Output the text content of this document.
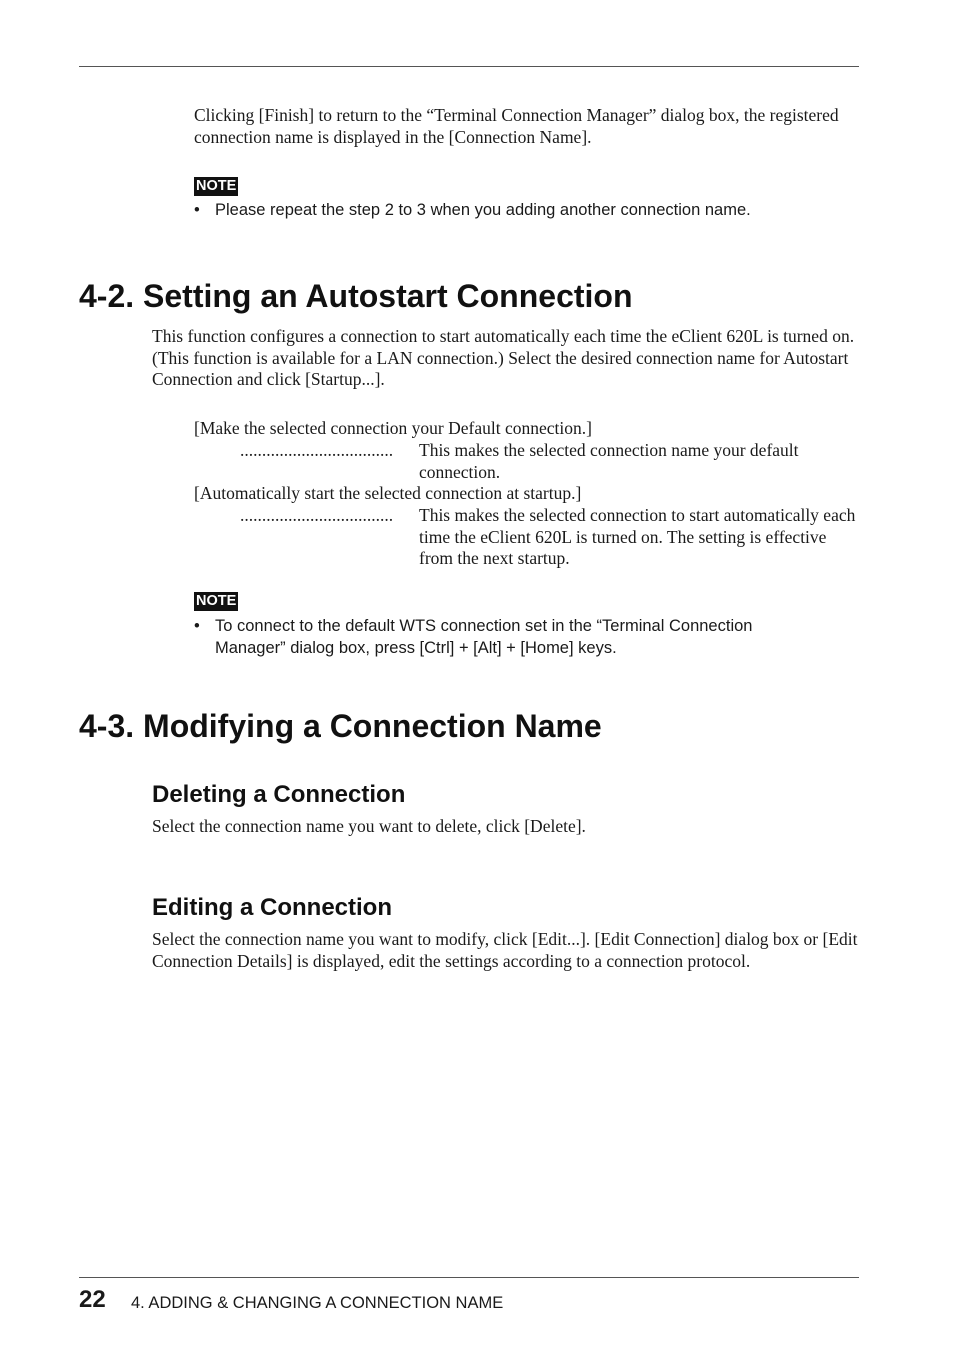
Clicking [Finish] to return to the “Terminal Connection Manager” dialog box, the registered connection name is displayed in the [Connection Name].

NOTE
• Please repeat the step 2 to 3 when you adding another connection name.
4-2. Setting an Autostart Connection

This function configures a connection to start automatically each time the eClient 620L is turned on. (This function is available for a LAN connection.) Select the desired connection name for Autostart Connection and click [Startup...].

[Make the selected connection your Default connection.]
...................................	This makes the selected connection name your default connection.
[Automatically start the selected connection at startup.]
...................................	This makes the selected connection to start automatically each time the eClient 620L is turned on. The setting is effective from the next startup.
NOTE
• To connect to the default WTS connection set in the “Terminal Connection Manager” dialog box, press [Ctrl] + [Alt] + [Home] keys.
4-3. Modifying a Connection Name
Deleting a Connection

Select the connection name you want to delete, click [Delete].

Editing a Connection

Select the connection name you want to modify, click [Edit...]. [Edit Connection] dialog box or [Edit Connection Details] is displayed, edit the settings according to a connection protocol.

22 4. ADDING & CHANGING A CONNECTION NAME
